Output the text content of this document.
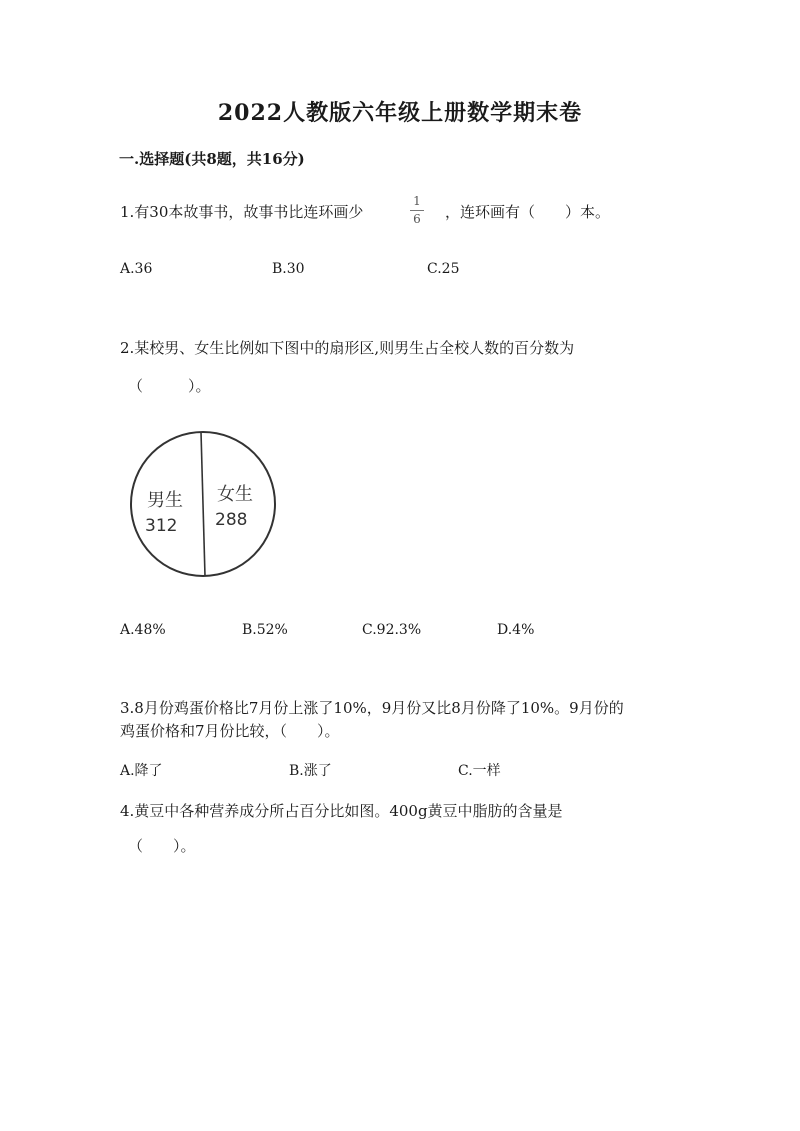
2022人教版六年级上册数学期末卷
一.选择题(共8题，共16分)
1.有30本故事书，故事书比连环画少
1
6	，连环画有（　　）本。
A.36	B.30	C.25
2.某校男、女生比例如下图中的扇形区,则男生占全校人数的百分数为
（　　　）。
男生
312
女生
288
A.48%	B.52%	C.92.3%	D.4%
3.8月份鸡蛋价格比7月份上涨了10%，9月份又比8月份降了10%。9月份的
鸡蛋价格和7月份比较，（　　）。
A.降了	B.涨了	C.一样
4.黄豆中各种营养成分所占百分比如图。400g黄豆中脂肪的含量是
（　　）。
